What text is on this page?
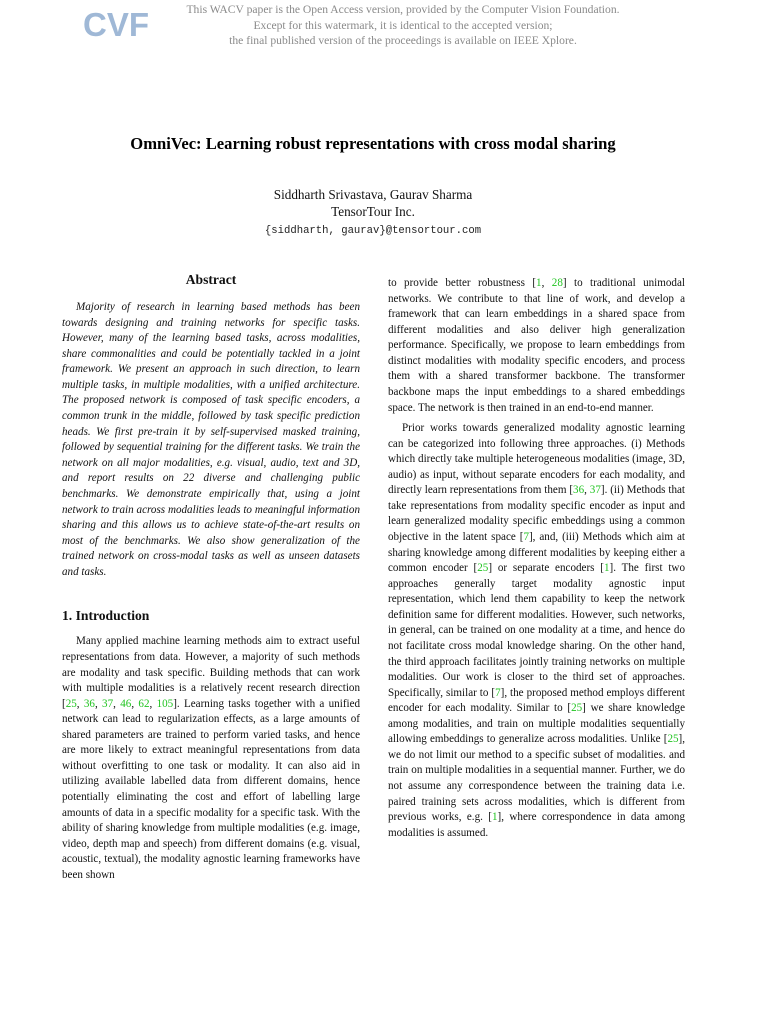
CVF	This WACV paper is the Open Access version, provided by the Computer Vision Foundation.
Except for this watermark, it is identical to the accepted version;
the final published version of the proceedings is available on IEEE Xplore.
OmniVec: Learning robust representations with cross modal sharing
Siddharth Srivastava, Gaurav Sharma
TensorTour Inc.
{siddharth, gaurav}@tensortour.com
Abstract

Majority of research in learning based methods has been towards designing and training networks for specific tasks. However, many of the learning based tasks, across modalities, share commonalities and could be potentially tackled in a joint framework. We present an approach in such direction, to learn multiple tasks, in multiple modalities, with a unified architecture. The proposed network is composed of task specific encoders, a common trunk in the middle, followed by task specific prediction heads. We first pre-train it by self-supervised masked training, followed by sequential training for the different tasks. We train the network on all major modalities, e.g. visual, audio, text and 3D, and report results on 22 diverse and challenging public benchmarks. We demonstrate empirically that, using a joint network to train across modalities leads to meaningful information sharing and this allows us to achieve state-of-the-art results on most of the benchmarks. We also show generalization of the trained network on cross-modal tasks as well as unseen datasets and tasks.

1. Introduction

Many applied machine learning methods aim to extract useful representations from data. However, a majority of such methods are modality and task specific. Building methods that can work with multiple modalities is a relatively recent research direction [25, 36, 37, 46, 62, 105]. Learning tasks together with a unified network can lead to regularization effects, as a large amounts of shared parameters are trained to perform varied tasks, and hence are more likely to extract meaningful representations from data without overfitting to one task or modality. It can also aid in utilizing available labelled data from different domains, hence potentially eliminating the cost and effort of labelling large amounts of data in a specific modality for a specific task. With the ability of sharing knowledge from multiple modalities (e.g. image, video, depth map and speech) from different domains (e.g. visual, acoustic, textual), the modality agnostic learning frameworks have been shown

to provide better robustness [1, 28] to traditional unimodal networks. We contribute to that line of work, and develop a framework that can learn embeddings in a shared space from different modalities and also deliver high generalization performance. Specifically, we propose to learn embeddings from distinct modalities with modality specific encoders, and process them with a shared transformer backbone. The transformer backbone maps the input embeddings to a shared embeddings space. The network is then trained in an end-to-end manner.

Prior works towards generalized modality agnostic learning can be categorized into following three approaches. (i) Methods which directly take multiple heterogeneous modalities (image, 3D, audio) as input, without separate encoders for each modality, and directly learn representations from them [36, 37]. (ii) Methods that take representations from modality specific encoder as input and learn generalized modality specific embeddings using a common objective in the latent space [7], and, (iii) Methods which aim at sharing knowledge among different modalities by keeping either a common encoder [25] or separate encoders [1]. The first two approaches generally target modality agnostic input representation, which lend them capability to keep the network definition same for different modalities. However, such networks, in general, can be trained on one modality at a time, and hence do not facilitate cross modal knowledge sharing. On the other hand, the third approach facilitates jointly training networks on multiple modalities. Our work is closer to the third set of approaches. Specifically, similar to [7], the proposed method employs different encoder for each modality. Similar to [25] we share knowledge among modalities, and train on multiple modalities sequentially allowing embeddings to generalize across modalities. Unlike [25], we do not limit our method to a specific subset of modalities. and train on multiple modalities in a sequential manner. Further, we do not assume any correspondence between the training data i.e. paired training sets across modalities, which is different from previous works, e.g. [1], where correspondence in data among modalities is assumed.
